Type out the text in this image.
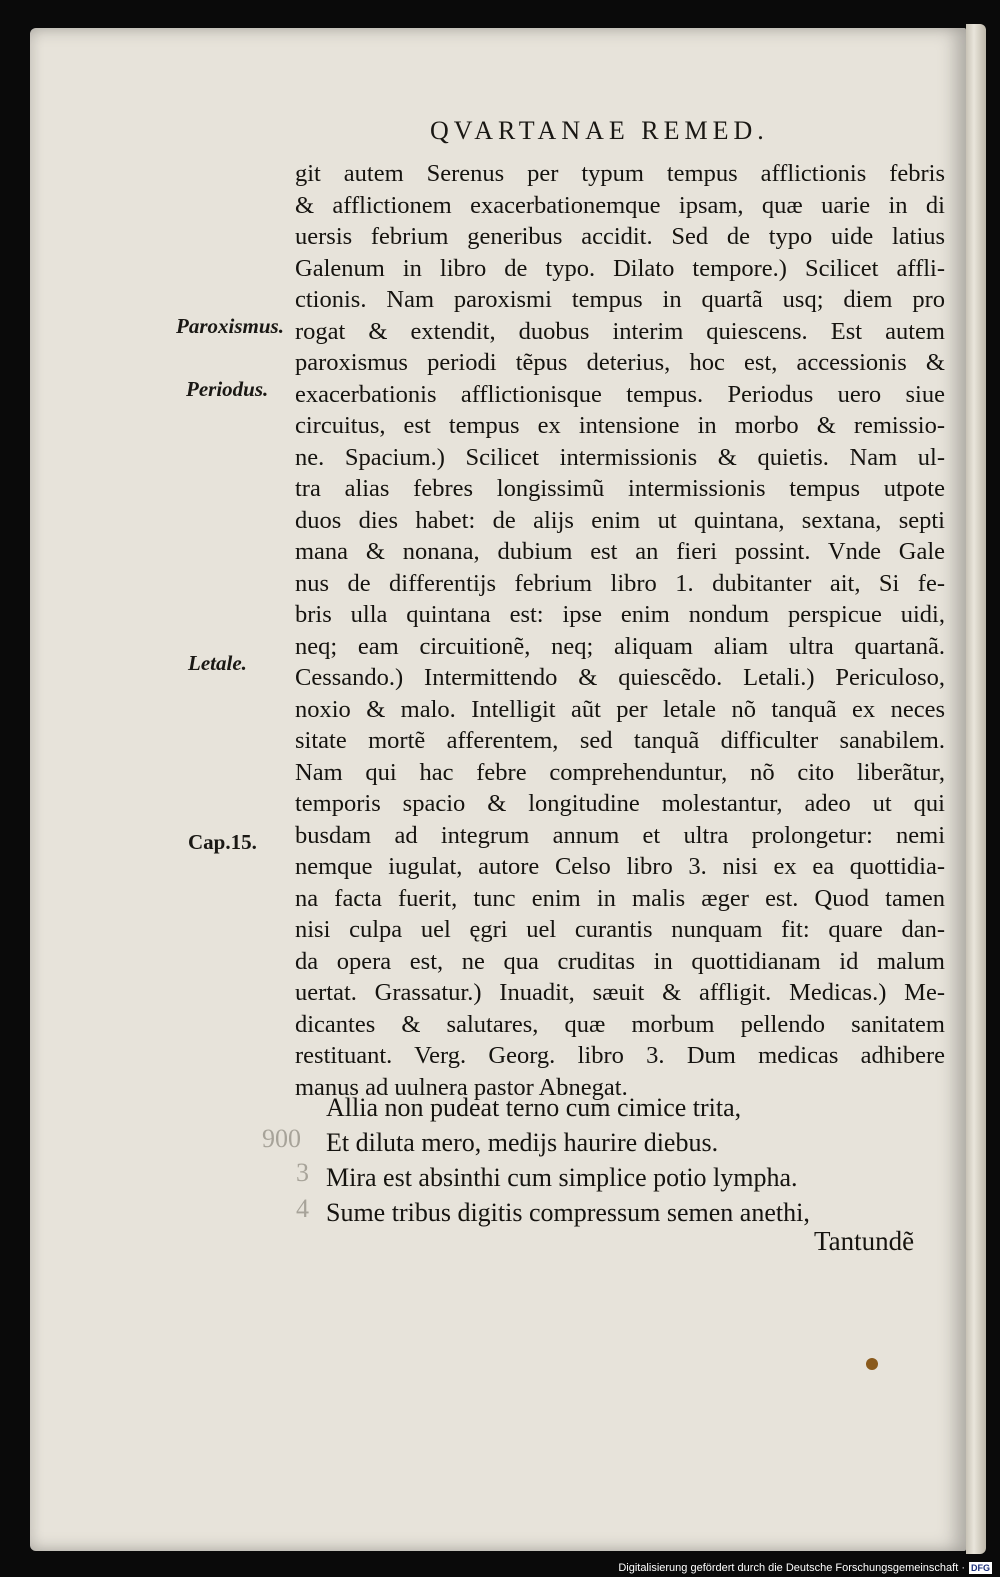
QVARTANAE REMED.
git autem Serenus per typum tempus afflictionis febris
& afflictionem exacerbationemque ipsam, quæ uarie in di
uersis febrium generibus accidit. Sed de typo uide latius
Galenum in libro de typo. Dilato tempore.) Scilicet affli-
ctionis. Nam paroxismi tempus in quartã usq; diem pro
rogat & extendit, duobus interim quiescens. Est autem
paroxismus periodi tẽpus deterius, hoc est, accessionis &
exacerbationis afflictionisque tempus. Periodus uero siue
circuitus, est tempus ex intensione in morbo & remissio-
ne. Spacium.) Scilicet intermissionis & quietis. Nam ul-
tra alias febres longissimũ intermissionis tempus utpote
duos dies habet: de alijs enim ut quintana, sextana, septi
mana & nonana, dubium est an fieri possint. Vnde Gale
nus de differentijs febrium libro 1. dubitanter ait, Si fe-
bris ulla quintana est: ipse enim nondum perspicue uidi,
neq; eam circuitionẽ, neq; aliquam aliam ultra quartanã.
Cessando.) Intermittendo & quiescẽdo. Letali.) Periculoso,
noxio & malo. Intelligit aũt per letale nõ tanquã ex neces
sitate mortẽ afferentem, sed tanquã difficulter sanabilem.
Nam qui hac febre comprehenduntur, nõ cito liberãtur,
temporis spacio & longitudine molestantur, adeo ut qui
busdam ad integrum annum et ultra prolongetur: nemi
nemque iugulat, autore Celso libro 3. nisi ex ea quottidia-
na facta fuerit, tunc enim in malis æger est. Quod tamen
nisi culpa uel ęgri uel curantis nunquam fit: quare dan-
da opera est, ne qua cruditas in quottidianam id malum
uertat. Grassatur.) Inuadit, sæuit & affligit. Medicas.) Me-
dicantes & salutares, quæ morbum pellendo sanitatem
restituant. Verg. Georg. libro 3. Dum medicas adhibere
manus ad uulnera pastor Abnegat.
Paroxismus.
Periodus.
Letale.
Cap.15.
Allia non pudeat terno cum cimice trita,
Et diluta mero, medijs haurire diebus.
Mira est absinthi cum simplice potio lympha.
Sume tribus digitis compressum semen anethi,
900
3
4
Tantundẽ
Digitalisierung gefördert durch die Deutsche Forschungsgemeinschaft · DFG
